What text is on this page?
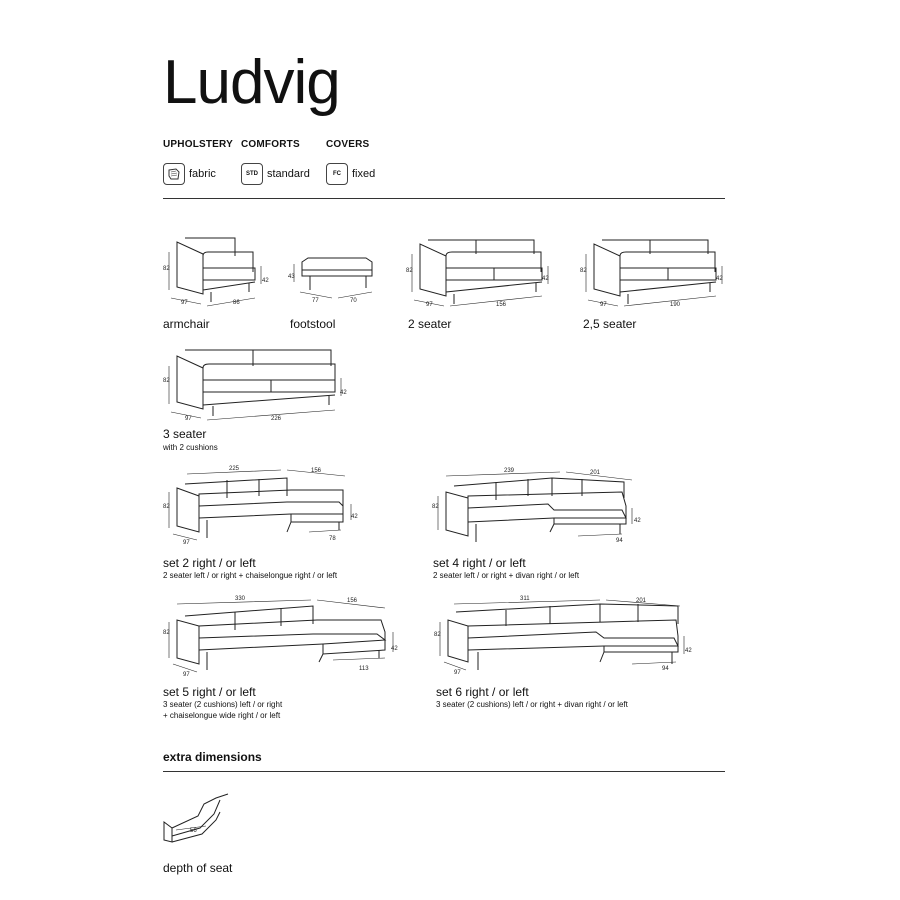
Ludvig
UPHOLSTERY COMFORTS	COVERS
fabric	STD standard	FC	fixed
82
97	86
42
armchair
43
77	70
footstool
82
97	156
42
2 seater
82
97	190
42
2,5 seater
82
97	226
42
3 seater
with 2 cushions
225	156
82
97
78
42
set 2 right / or left
2 seater left / or right + chaiselongue right / or left
239	201
82
94
42
set 4 right / or left
2 seater left / or right + divan right / or left
330	156
82
97
113
42
set 5 right / or left
3 seater (2 cushions) left / or right
+ chaiselongue wide right / or left
311	201
82
97
94
42
set 6 right / or left
3 seater (2 cushions) left / or right + divan right / or left
extra dimensions
56
depth of seat
